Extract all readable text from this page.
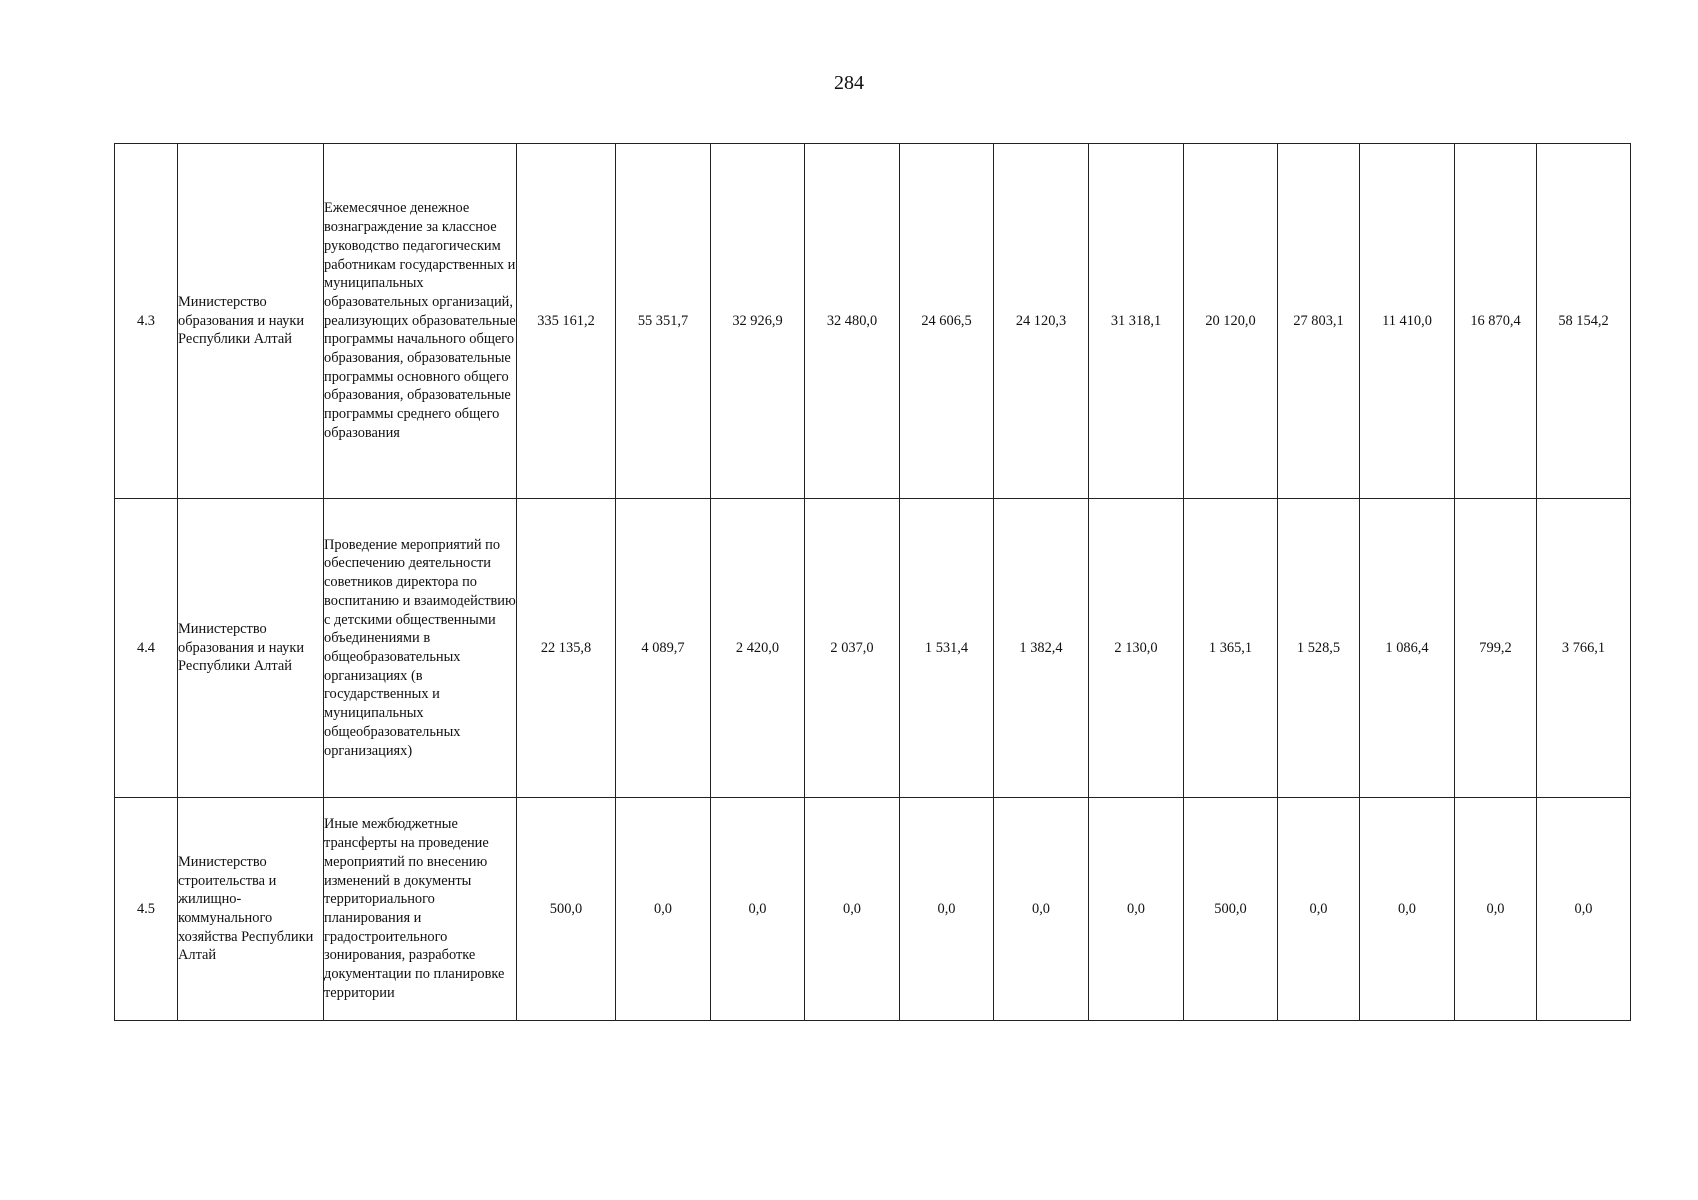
284
4.3	Министерство образования и науки Республики Алтай	Ежемесячное денежное вознаграждение за классное руководство педагогическим работникам государственных и муниципальных образовательных организаций, реализующих образовательные программы начального общего образования, образовательные программы основного общего образования, образовательные программы среднего общего образования	335 161,2	55 351,7	32 926,9	32 480,0	24 606,5	24 120,3	31 318,1	20 120,0	27 803,1	11 410,0	16 870,4	58 154,2
4.4	Министерство образования и науки Республики Алтай	Проведение мероприятий по обеспечению деятельности советников директора по воспитанию и взаимодействию с детскими общественными объединениями в общеобразовательных организациях (в государственных и муниципальных общеобразовательных организациях)	22 135,8	4 089,7	2 420,0	2 037,0	1 531,4	1 382,4	2 130,0	1 365,1	1 528,5	1 086,4	799,2	3 766,1
4.5	Министерство строительства и жилищно-коммунального хозяйства Республики Алтай	Иные межбюджетные трансферты на проведение мероприятий по внесению изменений в документы территориального планирования и градостроительного зонирования, разработке документации по планировке территории	500,0	0,0	0,0	0,0	0,0	0,0	0,0	500,0	0,0	0,0	0,0	0,0
